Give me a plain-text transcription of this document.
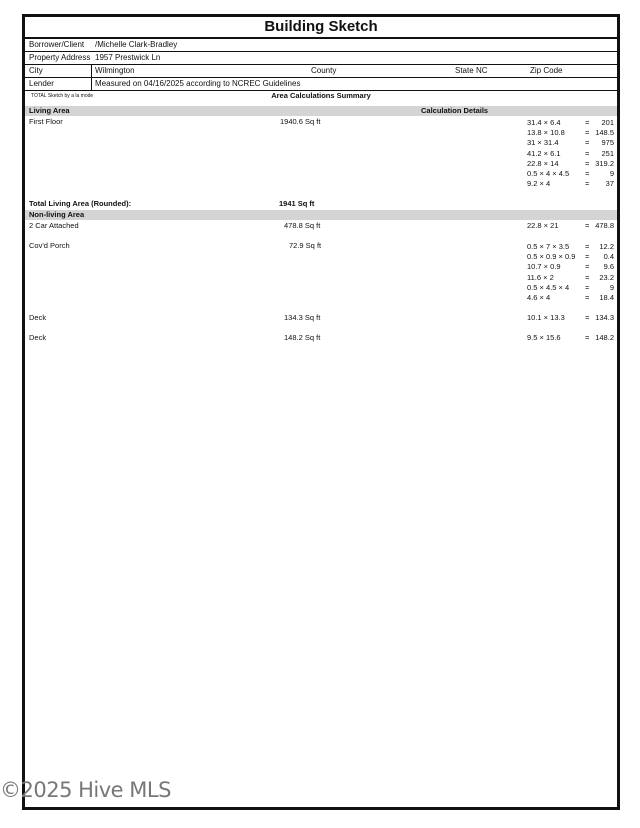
Building Sketch
Borrower/Client /Michelle Clark-Bradley
Property Address 1957 Prestwick Ln
City	Wilmington	County	State NC	Zip Code
Lender	Measured on 04/16/2025 according to NCREC Guidelines
TOTAL Sketch by a la mode	Area Calculations Summary
Living Area	Calculation Details
First Floor	1940.6 Sq ft	31.4 × 6.4	= 201
13.8 × 10.8	= 148.5
31 × 31.4	= 975
41.2 × 6.1	= 251
22.8 × 14	= 319.2
0.5 × 4 × 4.5 =	9
9.2 × 4	= 37
Total Living Area (Rounded):	1941 Sq ft
Non-living Area
2 Car Attached	478.8 Sq ft	22.8 × 21	= 478.8
Cov'd Porch	72.9 Sq ft	0.5 × 7 × 3.5 = 12.2
0.5 × 0.9 × 0.9 = 0.4
10.7 × 0.9	= 9.6
11.6 × 2	= 23.2
0.5 × 4.5 × 4 =	9
4.6 × 4	= 18.4
Deck	134.3 Sq ft	10.1 × 13.3	= 134.3
Deck	148.2 Sq ft	9.5 × 15.6	= 148.2
©2025 Hive MLS
